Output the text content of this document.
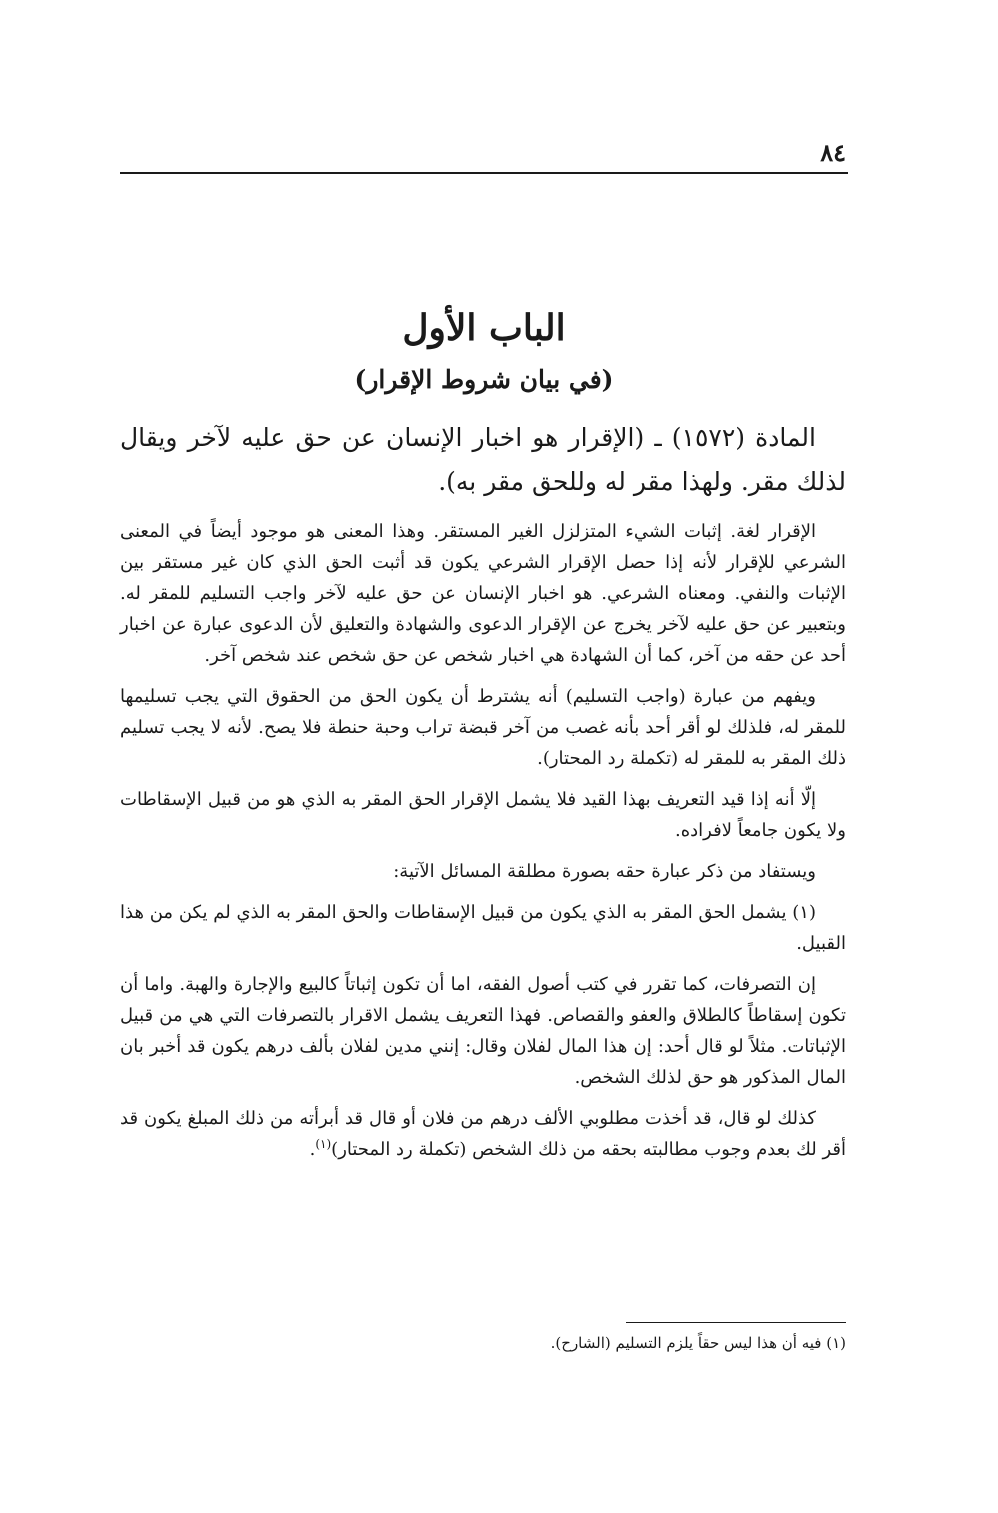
٨٤
الباب الأول
(في بيان شروط الإقرار)

المادة (١٥٧٢) ـ (الإقرار هو اخبار الإنسان عن حق عليه لآخر ويقال لذلك مقر. ولهذا مقر له وللحق مقر به).

الإقرار لغة. إثبات الشيء المتزلزل الغير المستقر. وهذا المعنى هو موجود أيضاً في المعنى الشرعي للإقرار لأنه إذا حصل الإقرار الشرعي يكون قد أثبت الحق الذي كان غير مستقر بين الإثبات والنفي. ومعناه الشرعي. هو اخبار الإنسان عن حق عليه لآخر واجب التسليم للمقر له. وبتعبير عن حق عليه لآخر يخرج عن الإقرار الدعوى والشهادة والتعليق لأن الدعوى عبارة عن اخبار أحد عن حقه من آخر، كما أن الشهادة هي اخبار شخص عن حق شخص عند شخص آخر.

ويفهم من عبارة (واجب التسليم) أنه يشترط أن يكون الحق من الحقوق التي يجب تسليمها للمقر له، فلذلك لو أقر أحد بأنه غصب من آخر قبضة تراب وحبة حنطة فلا يصح. لأنه لا يجب تسليم ذلك المقر به للمقر له (تكملة رد المحتار).

إلّا أنه إذا قيد التعريف بهذا القيد فلا يشمل الإقرار الحق المقر به الذي هو من قبيل الإسقاطات ولا يكون جامعاً لافراده.

ويستفاد من ذكر عبارة حقه بصورة مطلقة المسائل الآتية:

(١) يشمل الحق المقر به الذي يكون من قبيل الإسقاطات والحق المقر به الذي لم يكن من هذا القبيل.

إن التصرفات، كما تقرر في كتب أصول الفقه، اما أن تكون إثباتاً كالبيع والإجارة والهبة. واما أن تكون إسقاطاً كالطلاق والعفو والقصاص. فهذا التعريف يشمل الاقرار بالتصرفات التي هي من قبيل الإثباتات. مثلاً لو قال أحد: إن هذا المال لفلان وقال: إنني مدين لفلان بألف درهم يكون قد أخبر بان المال المذكور هو حق لذلك الشخص.

كذلك لو قال، قد أخذت مطلوبي الألف درهم من فلان أو قال قد أبرأته من ذلك المبلغ يكون قد أقر لك بعدم وجوب مطالبته بحقه من ذلك الشخص (تكملة رد المحتار)$^{(١)}$.

(١) فيه أن هذا ليس حقاً يلزم التسليم (الشارح).
